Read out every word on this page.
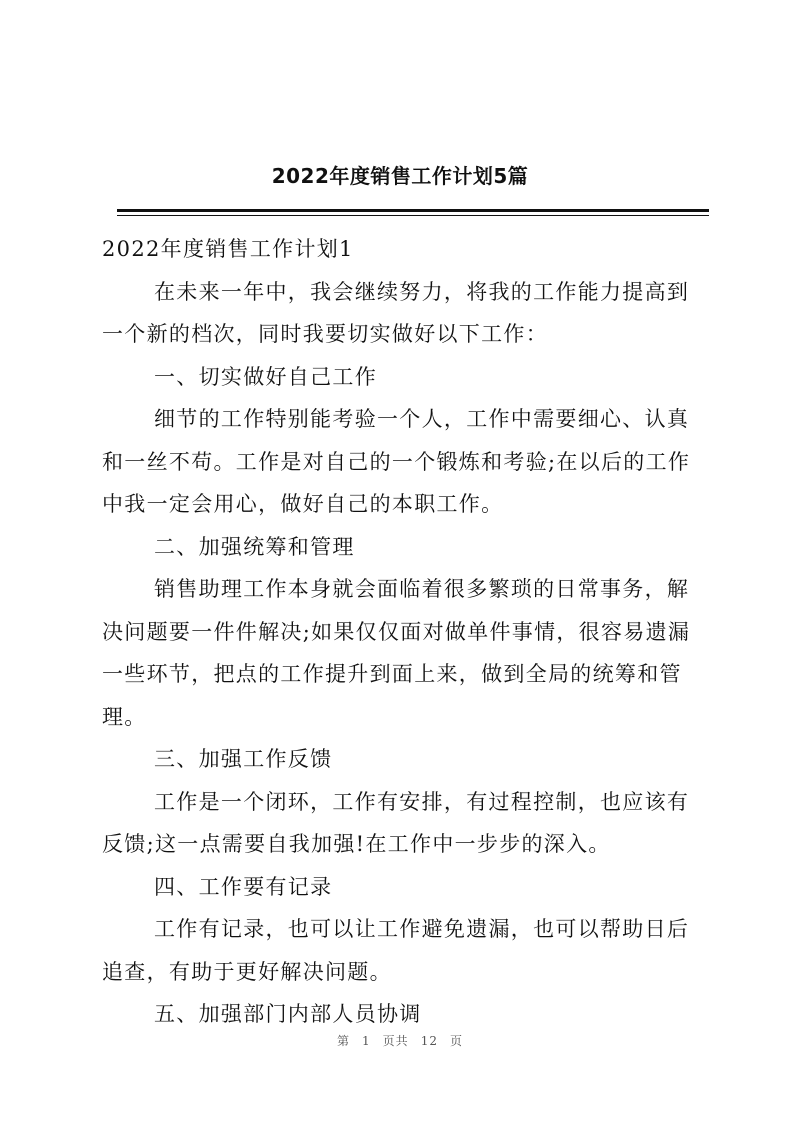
2022年度销售工作计划5篇

2022年度销售工作计划1

在未来一年中，我会继续努力，将我的工作能力提高到一个新的档次，同时我要切实做好以下工作：

一、切实做好自己工作

细节的工作特别能考验一个人，工作中需要细心、认真和一丝不苟。工作是对自己的一个锻炼和考验;在以后的工作中我一定会用心，做好自己的本职工作。

二、加强统筹和管理

销售助理工作本身就会面临着很多繁琐的日常事务，解决问题要一件件解决;如果仅仅面对做单件事情，很容易遗漏一些环节，把点的工作提升到面上来，做到全局的统筹和管理。

三、加强工作反馈

工作是一个闭环，工作有安排，有过程控制，也应该有反馈;这一点需要自我加强!在工作中一步步的深入。

四、工作要有记录

工作有记录，也可以让工作避免遗漏，也可以帮助日后追查，有助于更好解决问题。

五、加强部门内部人员协调

第 1 页共 12 页
